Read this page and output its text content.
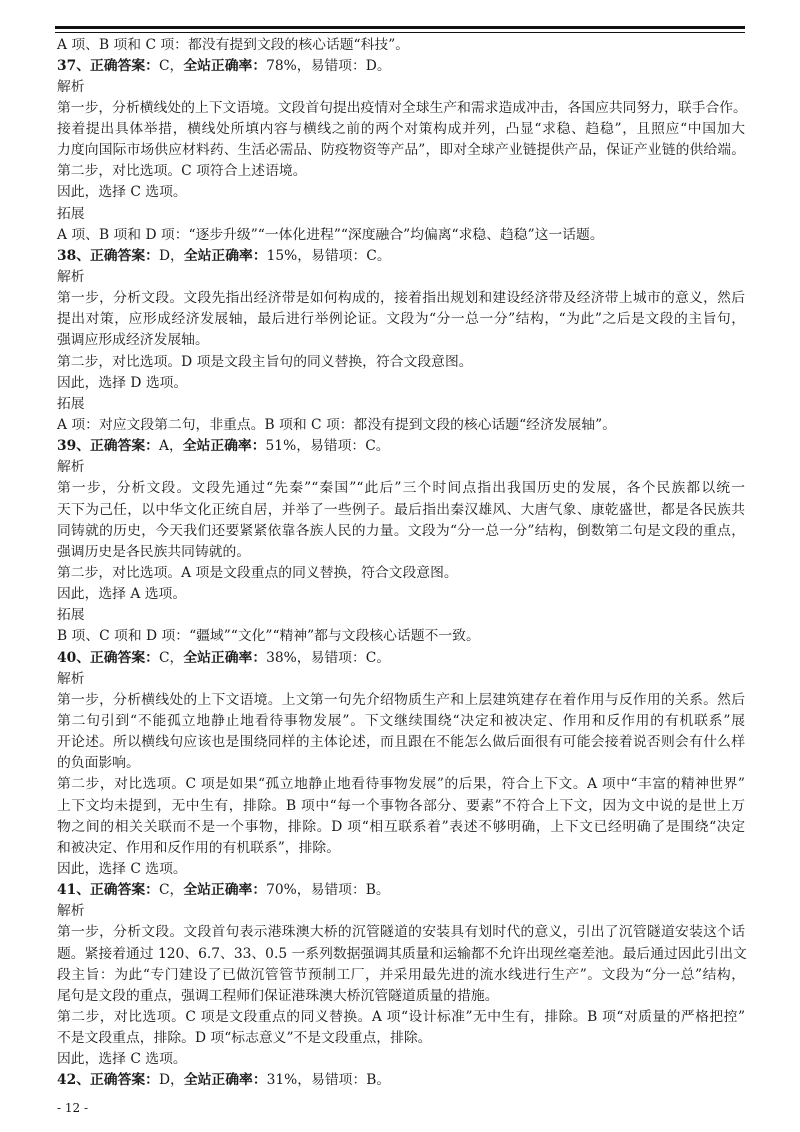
A 项、B 项和 C 项：都没有提到文段的核心话题“科技”。
37、正确答案：C，全站正确率：78%，易错项：D。
解析
第一步，分析横线处的上下文语境。文段首句提出疫情对全球生产和需求造成冲击，各国应共同努力，联手合作。
接着提出具体举措，横线处所填内容与横线之前的两个对策构成并列，凸显“求稳、趋稳”，且照应“中国加大
力度向国际市场供应材料药、生活必需品、防疫物资等产品”，即对全球产业链提供产品，保证产业链的供给端。
第二步，对比选项。C 项符合上述语境。
因此，选择 C 选项。
拓展
A 项、B 项和 D 项：“逐步升级”“一体化进程”“深度融合”均偏离“求稳、趋稳”这一话题。
38、正确答案：D，全站正确率：15%，易错项：C。
解析
第一步，分析文段。文段先指出经济带是如何构成的，接着指出规划和建设经济带及经济带上城市的意义，然后
提出对策，应形成经济发展轴，最后进行举例论证。文段为“分一总一分”结构，“为此”之后是文段的主旨句，
强调应形成经济发展轴。
第二步，对比选项。D 项是文段主旨句的同义替换，符合文段意图。
因此，选择 D 选项。
拓展
A 项：对应文段第二句，非重点。B 项和 C 项：都没有提到文段的核心话题“经济发展轴”。
39、正确答案：A，全站正确率：51%，易错项：C。
解析
第一步，分析文段。文段先通过“先秦”“秦国”“此后”三个时间点指出我国历史的发展，各个民族都以统一
天下为己任，以中华文化正统自居，并举了一些例子。最后指出秦汉雄风、大唐气象、康乾盛世，都是各民族共
同铸就的历史，今天我们还要紧紧依靠各族人民的力量。文段为“分一总一分”结构，倒数第二句是文段的重点，
强调历史是各民族共同铸就的。
第二步，对比选项。A 项是文段重点的同义替换，符合文段意图。
因此，选择 A 选项。
拓展
B 项、C 项和 D 项：“疆域”“文化”“精神”都与文段核心话题不一致。
40、正确答案：C，全站正确率：38%，易错项：C。
解析
第一步，分析横线处的上下文语境。上文第一句先介绍物质生产和上层建筑建存在着作用与反作用的关系。然后
第二句引到“不能孤立地静止地看待事物发展”。下文继续围绕“决定和被决定、作用和反作用的有机联系”展
开论述。所以横线句应该也是围绕同样的主体论述，而且跟在不能怎么做后面很有可能会接着说否则会有什么样
的负面影响。
第二步，对比选项。C 项是如果“孤立地静止地看待事物发展”的后果，符合上下文。A 项中“丰富的精神世界”
上下文均未提到，无中生有，排除。B 项中“每一个事物各部分、要素”不符合上下文，因为文中说的是世上万
物之间的相关关联而不是一个事物，排除。D 项“相互联系着”表述不够明确，上下文已经明确了是围绕“决定
和被决定、作用和反作用的有机联系”，排除。
因此，选择 C 选项。
41、正确答案：C，全站正确率：70%，易错项：B。
解析
第一步，分析文段。文段首句表示港珠澳大桥的沉管隧道的安装具有划时代的意义，引出了沉管隧道安装这个话
题。紧接着通过 120、6.7、33、0.5 一系列数据强调其质量和运输都不允许出现丝毫差池。最后通过因此引出文
段主旨：为此“专门建设了已做沉管管节预制工厂，并采用最先进的流水线进行生产”。文段为“分一总”结构，
尾句是文段的重点，强调工程师们保证港珠澳大桥沉管隧道质量的措施。
第二步，对比选项。C 项是文段重点的同义替换。A 项“设计标准”无中生有，排除。B 项“对质量的严格把控”
不是文段重点，排除。D 项“标志意义”不是文段重点，排除。
因此，选择 C 选项。
42、正确答案：D，全站正确率：31%，易错项：B。
- 12 -
